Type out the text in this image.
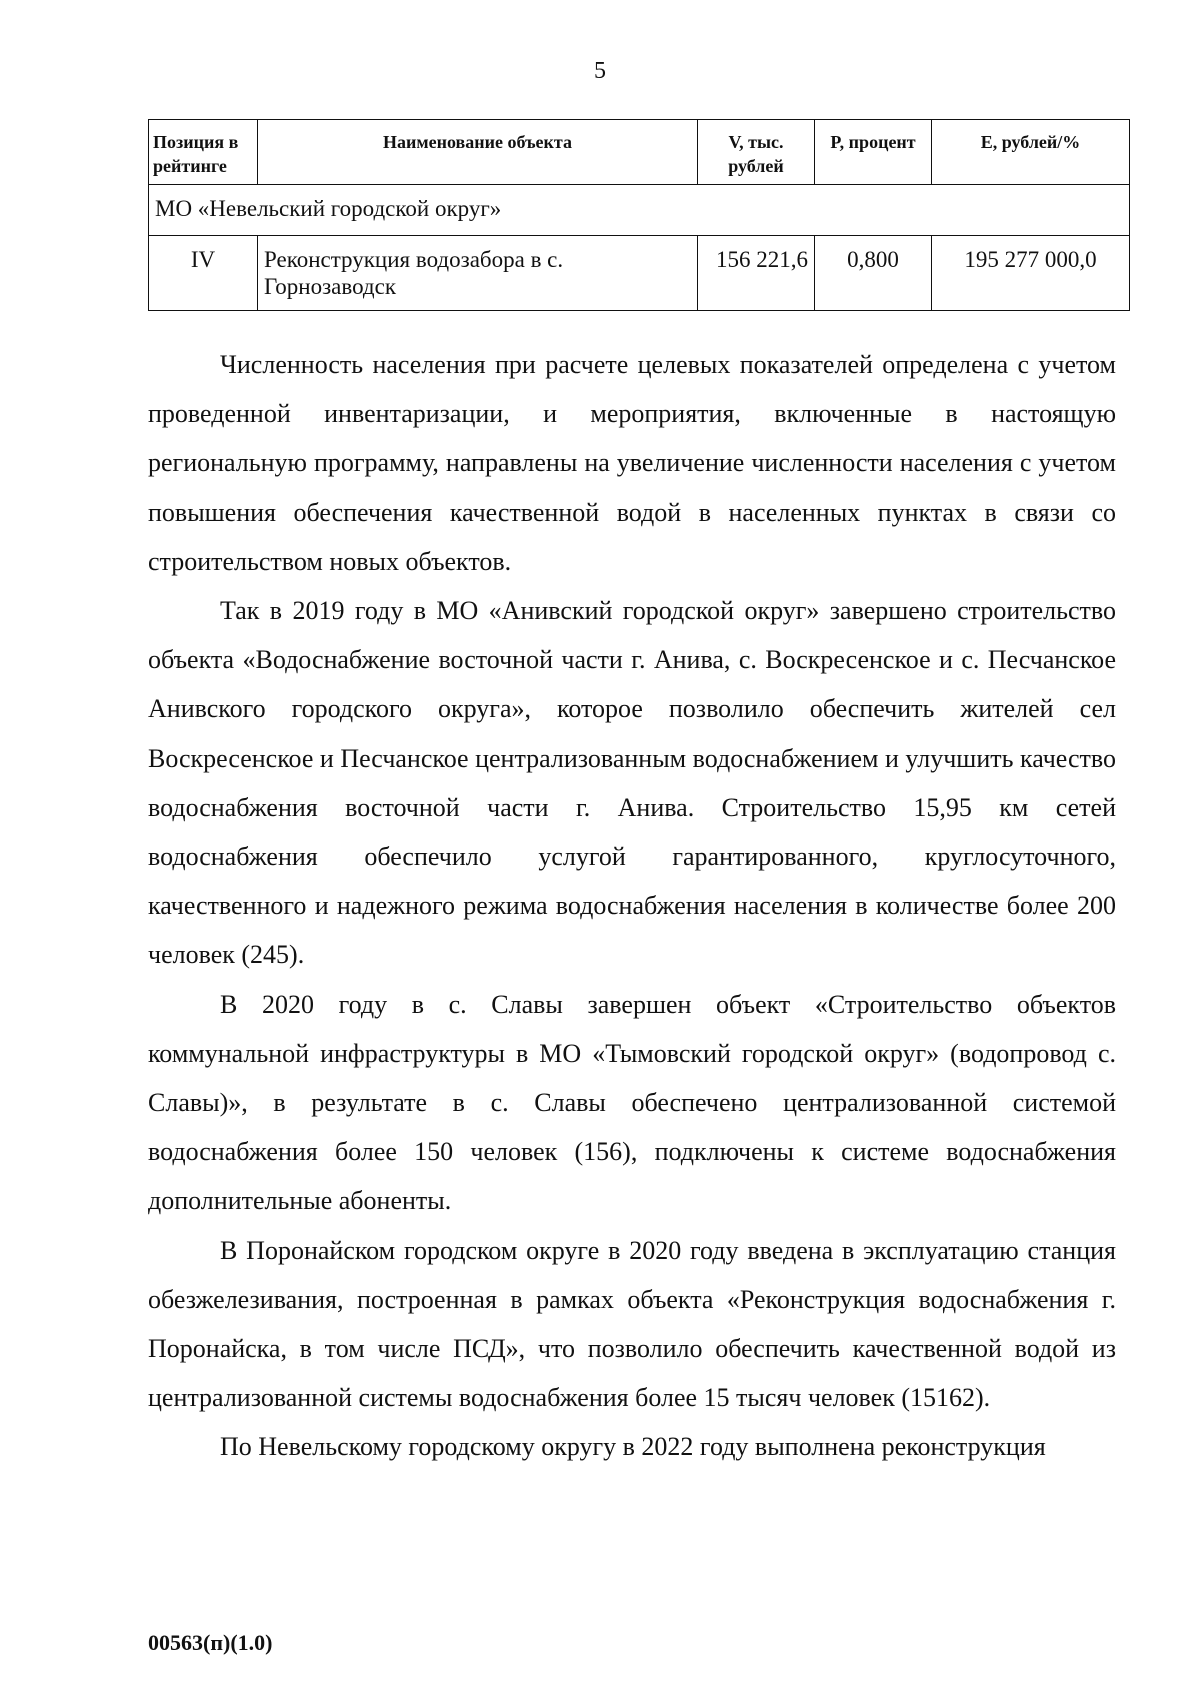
5
Позиция в рейтинге	Наименование объекта	V, тыс. рублей	P, процент	E, рублей/%
МО «Невельский городской округ»				
IV	Реконструкция водозабора в с. Горнозаводск	156 221,6	0,800	195 277 000,0

Численность населения при расчете целевых показателей определена с учетом проведенной инвентаризации, и мероприятия, включенные в настоящую региональную программу, направлены на увеличение численности населения с учетом повышения обеспечения качественной водой в населенных пунктах в связи со строительством новых объектов.

Так в 2019 году в МО «Анивский городской округ» завершено строительство объекта «Водоснабжение восточной части г. Анива, с. Воскресенское и с. Песчанское Анивского городского округа», которое позволило обеспечить жителей сел Воскресенское и Песчанское централизованным водоснабжением и улучшить качество водоснабжения восточной части г. Анива. Строительство 15,95 км сетей водоснабжения обеспечило услугой гарантированного, круглосуточного, качественного и надежного режима водоснабжения населения в количестве более 200 человек (245).

В 2020 году в с. Славы завершен объект «Строительство объектов коммунальной инфраструктуры в МО «Тымовский городской округ» (водопровод с. Славы)», в результате в с. Славы обеспечено централизованной системой водоснабжения более 150 человек (156), подключены к системе водоснабжения дополнительные абоненты.

В Поронайском городском округе в 2020 году введена в эксплуатацию станция обезжелезивания, построенная в рамках объекта «Реконструкция водоснабжения г. Поронайска, в том числе ПСД», что позволило обеспечить качественной водой из централизованной системы водоснабжения более 15 тысяч человек (15162).

По Невельскому городскому округу в 2022 году выполнена реконструкция

00563(п)(1.0)
